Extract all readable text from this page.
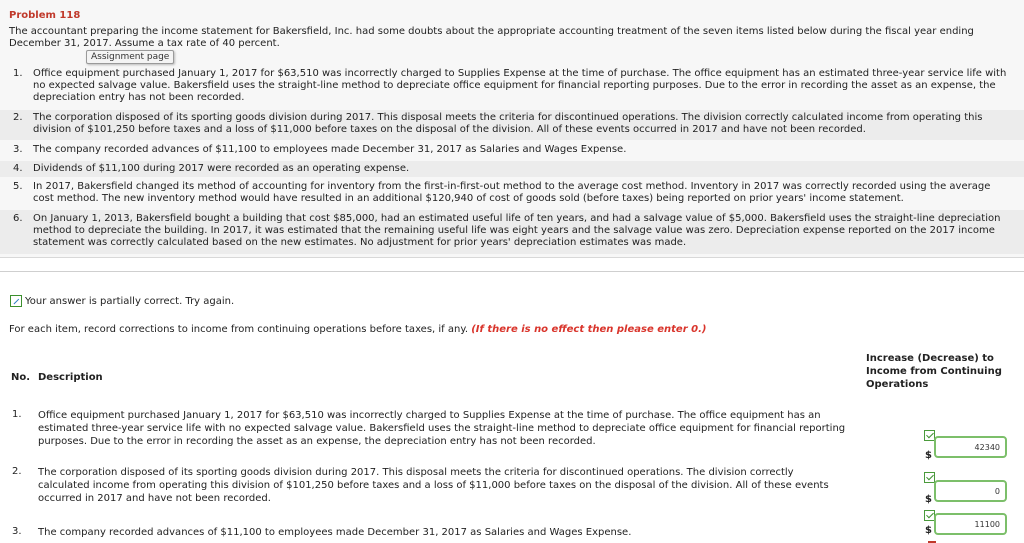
Problem 118
The accountant preparing the income statement for Bakersfield, Inc. had some doubts about the appropriate accounting treatment of the seven items listed below during the fiscal year ending
December 31, 2017. Assume a tax rate of 40 percent.
Assignment page
1. Office equipment purchased January 1, 2017 for $63,510 was incorrectly charged to Supplies Expense at the time of purchase. The office equipment has an estimated three-year service life with no expected salvage value. Bakersfield uses the straight-line method to depreciate office equipment for financial reporting purposes. Due to the error in recording the asset as an expense, the depreciation entry has not been recorded.
2. The corporation disposed of its sporting goods division during 2017. This disposal meets the criteria for discontinued operations. The division correctly calculated income from operating this division of $101,250 before taxes and a loss of $11,000 before taxes on the disposal of the division. All of these events occurred in 2017 and have not been recorded.
3. The company recorded advances of $11,100 to employees made December 31, 2017 as Salaries and Wages Expense.
4. Dividends of $11,100 during 2017 were recorded as an operating expense.
5. In 2017, Bakersfield changed its method of accounting for inventory from the first-in-first-out method to the average cost method. Inventory in 2017 was correctly recorded using the average cost method. The new inventory method would have resulted in an additional $120,940 of cost of goods sold (before taxes) being reported on prior years' income statement.
6. On January 1, 2013, Bakersfield bought a building that cost $85,000, had an estimated useful life of ten years, and had a salvage value of $5,000. Bakersfield uses the straight-line depreciation method to depreciate the building. In 2017, it was estimated that the remaining useful life was eight years and the salvage value was zero. Depreciation expense reported on the 2017 income statement was correctly calculated based on the new estimates. No adjustment for prior years' depreciation estimates was made.
Your answer is partially correct. Try again.
For each item, record corrections to income from continuing operations before taxes, if any. (If there is no effect then please enter 0.)
No. Description
Increase (Decrease) to Income from Continuing Operations
1. Office equipment purchased January 1, 2017 for $63,510 was incorrectly charged to Supplies Expense at the time of purchase. The office equipment has an estimated three-year service life with no expected salvage value. Bakersfield uses the straight-line method to depreciate office equipment for financial reporting purposes. Due to the error in recording the asset as an expense, the depreciation entry has not been recorded.
$
42340
2. The corporation disposed of its sporting goods division during 2017. This disposal meets the criteria for discontinued operations. The division correctly calculated income from operating this division of $101,250 before taxes and a loss of $11,000 before taxes on the disposal of the division. All of these events occurred in 2017 and have not been recorded.	$
0
3. The company recorded advances of $11,100 to employees made December 31, 2017 as Salaries and Wages Expense.	$
11100
